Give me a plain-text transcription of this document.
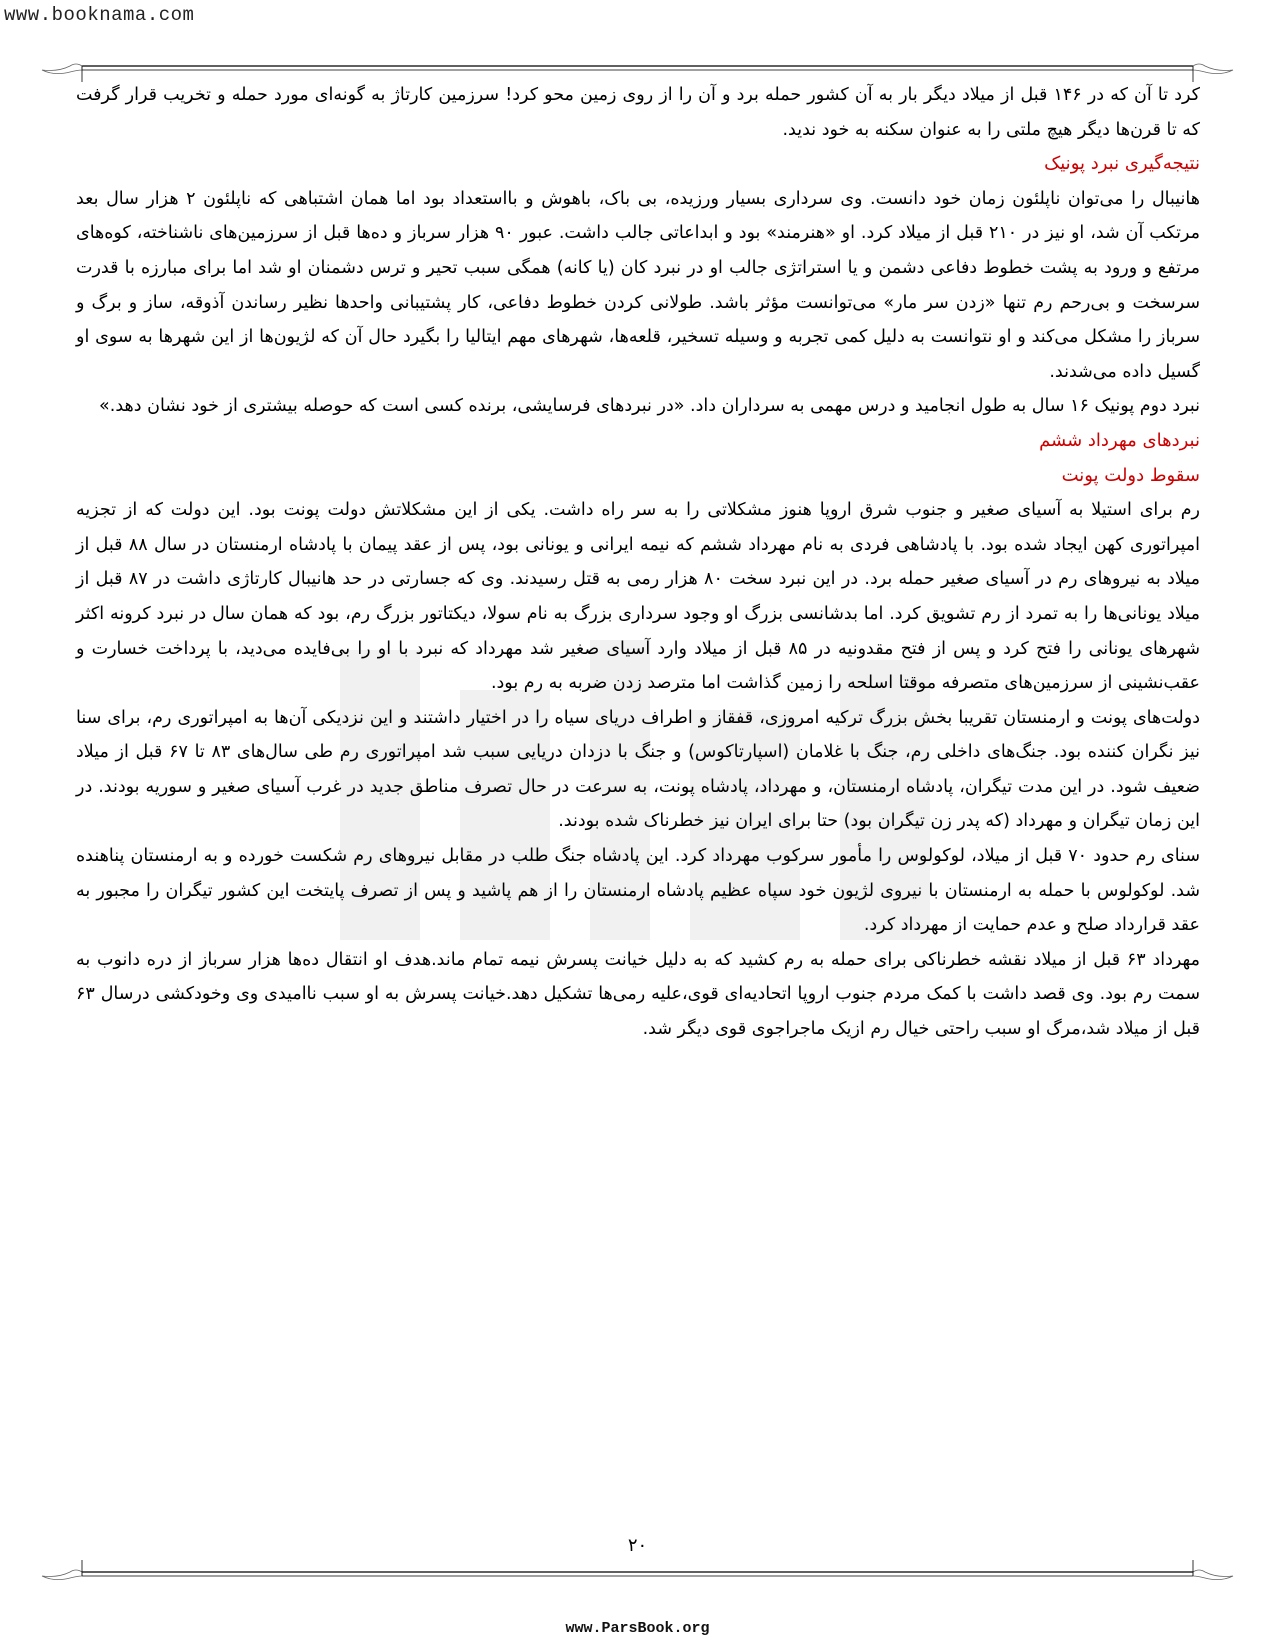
www.booknama.com

کرد تا آن که در ۱۴۶ قبل از میلاد دیگر بار به آن کشور حمله برد و آن را از روی زمین محو کرد! سرزمین کارتاژ به گونه‌ای مورد حمله و تخریب قرار گرفت که تا قرن‌ها دیگر هیچ ملتی را به عنوان سکنه به خود ندید.

نتیجه‌گیری نبرد پونیک

هانیبال را می‌توان ناپلئون زمان خود دانست. وی سرداری بسیار ورزیده، بی باک، باهوش و بااستعداد بود اما همان اشتباهی که ناپلئون ۲ هزار سال بعد مرتکب آن شد، او نیز در ۲۱۰ قبل از میلاد کرد. او «هنرمند» بود و ابداعاتی جالب داشت. عبور ۹۰ هزار سرباز و ده‌ها قبل از سرزمین‌های ناشناخته، کوه‌های مرتفع و ورود به پشت خطوط دفاعی دشمن و یا استراتژی جالب او در نبرد کان (یا کانه) همگی سبب تحیر و ترس دشمنان او شد اما برای مبارزه با قدرت سرسخت و بی‌رحم رم تنها «زدن سر مار» می‌توانست مؤثر باشد. طولانی کردن خطوط دفاعی، کار پشتیبانی واحدها نظیر رساندن آذوقه، ساز و برگ و سرباز را مشکل می‌کند و او نتوانست به دلیل کمی تجربه و وسیله تسخیر، قلعه‌ها، شهرهای مهم ایتالیا را بگیرد حال آن که لژیون‌ها از این شهرها به سوی او گسیل داده می‌شدند.

نبرد دوم پونیک ۱۶ سال به طول انجامید و درس مهمی به سرداران داد. «در نبردهای فرسایشی، برنده کسی است که حوصله بیشتری از خود نشان دهد.»

نبردهای مهرداد ششم
سقوط دولت پونت

رم برای استیلا به آسیای صغیر و جنوب شرق اروپا هنوز مشکلاتی را به سر راه داشت. یکی از این مشکلاتش دولت پونت بود. این دولت که از تجزیه امپراتوری کهن ایجاد شده بود. با پادشاهی فردی به نام مهرداد ششم که نیمه ایرانی و یونانی بود، پس از عقد پیمان با پادشاه ارمنستان در سال ۸۸ قبل از میلاد به نیروهای رم در آسیای صغیر حمله برد. در این نبرد سخت ۸۰ هزار رمی به قتل رسیدند. وی که جسارتی در حد هانیبال کارتاژی داشت در ۸۷ قبل از میلاد یونانی‌ها را به تمرد از رم تشویق کرد. اما بدشانسی بزرگ او وجود سرداری بزرگ به نام سولا، دیکتاتور بزرگ رم، بود که همان سال در نبرد کرونه اکثر شهرهای یونانی را فتح کرد و پس از فتح مقدونیه در ۸۵ قبل از میلاد وارد آسیای صغیر شد مهرداد که نبرد با او را بی‌فایده می‌دید، با پرداخت خسارت و عقب‌نشینی از سرزمین‌های متصرفه موقتا اسلحه را زمین گذاشت اما مترصد زدن ضربه به رم بود.

دولت‌های پونت و ارمنستان تقریبا بخش بزرگ ترکیه امروزی، قفقاز و اطراف دریای سیاه را در اختیار داشتند و این نزدیکی آن‌ها به امپراتوری رم، برای سنا نیز نگران کننده بود. جنگ‌های داخلی رم، جنگ با غلامان (اسپارتاکوس) و جنگ با دزدان دریایی سبب شد امپراتوری رم طی سال‌های ۸۳ تا ۶۷ قبل از میلاد ضعیف شود. در این مدت تیگران، پادشاه ارمنستان، و مهرداد، پادشاه پونت، به سرعت در حال تصرف مناطق جدید در غرب آسیای صغیر و سوریه بودند. در این زمان تیگران و مهرداد (که پدر زن تیگران بود) حتا برای ایران نیز خطرناک شده بودند.

سنای رم حدود ۷۰ قبل از میلاد، لوکولوس را مأمور سرکوب مهرداد کرد. این پادشاه جنگ طلب در مقابل نیروهای رم شکست خورده و به ارمنستان پناهنده شد. لوکولوس با حمله به ارمنستان با نیروی لژیون خود سپاه عظیم پادشاه ارمنستان را از هم پاشید و پس از تصرف پایتخت این کشور تیگران را مجبور به عقد قرارداد صلح و عدم حمایت از مهرداد کرد.

مهرداد ۶۳ قبل از میلاد نقشه خطرناکی برای حمله به رم کشید که به دلیل خیانت پسرش نیمه تمام ماند.هدف او انتقال ده‌ها هزار سرباز از دره دانوب به سمت رم بود. وی قصد داشت با کمک مردم جنوب اروپا اتحادیه‌ای قوی،علیه رمی‌ها تشکیل دهد.خیانت پسرش به او سبب ناامیدی وی وخودکشی درسال ۶۳ قبل از میلاد شد،مرگ او سبب راحتی خیال رم ازیک ماجراجوی قوی دیگر شد.

۲۰
www.ParsBook.org
